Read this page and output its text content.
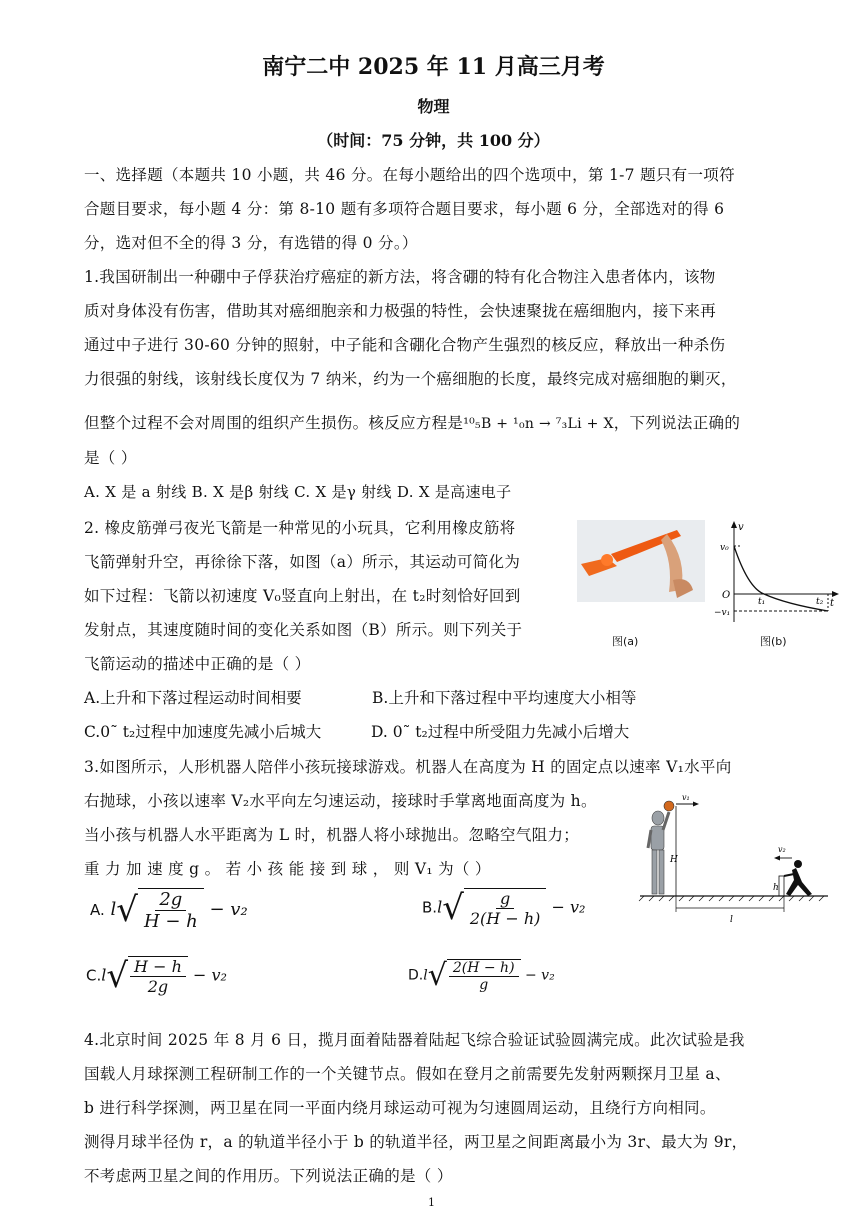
南宁二中 2025 年 11 月高三月考
物理
（时间：75 分钟，共 100 分）
一、选择题（本题共 10 小题，共 46 分。在每小题给出的四个选项中，第 1-7 题只有一项符
合题目要求，每小题 4 分：第 8-10 题有多项符合题目要求，每小题 6 分，全部选对的得 6
分，选对但不全的得 3 分，有选错的得 0 分。）
1.我国研制出一种硼中子俘获治疗癌症的新方法，将含硼的特有化合物注入患者体内，该物
质对身体没有伤害，借助其对癌细胞亲和力极强的特性，会快速聚拢在癌细胞内，接下来再
通过中子进行 30-60 分钟的照射，中子能和含硼化合物产生强烈的核反应，释放出一种杀伤
力很强的射线，该射线长度仅为 7 纳米，约为一个癌细胞的长度，最终完成对癌细胞的剿灭，
但整个过程不会对周围的组织产生损伤。核反应方程是¹⁰₅B + ¹₀n → ⁷₃Li + X，下列说法正确的
是（ ）
A. X 是 a 射线 B. X 是β 射线 C. X 是γ 射线 D. X 是高速电子
2. 橡皮筋弹弓夜光飞箭是一种常见的小玩具，它利用橡皮筋将
飞箭弹射升空，再徐徐下落，如图（a）所示，其运动可简化为
如下过程：飞箭以初速度 V₀竖直向上射出，在 t₂时刻恰好回到
发射点，其速度随时间的变化关系如图（B）所示。则下列关于
飞箭运动的描述中正确的是（ ）
A.上升和下落过程运动时间相要	B.上升和下落过程中平均速度大小相等
C.0˜ t₂过程中加速度先减小后城大	D. 0˜ t₂过程中所受阻力先减小后增大
图(a)
v
t
v₀
O
t₁	t₂
−v₁
图(b)
3.如图所示，人形机器人陪伴小孩玩接球游戏。机器人在高度为 H 的固定点以速率 V₁水平向
右抛球，小孩以速率 V₂水平向左匀速运动，接球时手掌离地面高度为 h。
当小孩与机器人水平距离为 L 时，机器人将小球抛出。忽略空气阻力；
重 力 加 速 度 g 。 若 小 孩 能 接 到 球 ， 则 V₁ 为（ ）
v₁
H
v₂
h
l
A. $l√ \frac{2g}{H - h} - v_2$	$B.l√ \frac{g}{2(H - h)} - v_2$
$C.l√ \frac{H - h}{2g} - v_2$	$D.l√ \frac{2(H - h)}{g} - v_2$
4.北京时间 2025 年 8 月 6 日，揽月面着陆器着陆起飞综合验证试验圆满完成。此次试验是我
国载人月球探测工程研制工作的一个关键节点。假如在登月之前需要先发射两颗探月卫星 a、
b 进行科学探测，两卫星在同一平面内绕月球运动可视为匀速圆周运动，且绕行方向相同。
测得月球半径伪 r，a 的轨道半径小于 b 的轨道半径，两卫星之间距离最小为 3r、最大为 9r，
不考虑两卫星之间的作用历。下列说法正确的是（ ）
1
